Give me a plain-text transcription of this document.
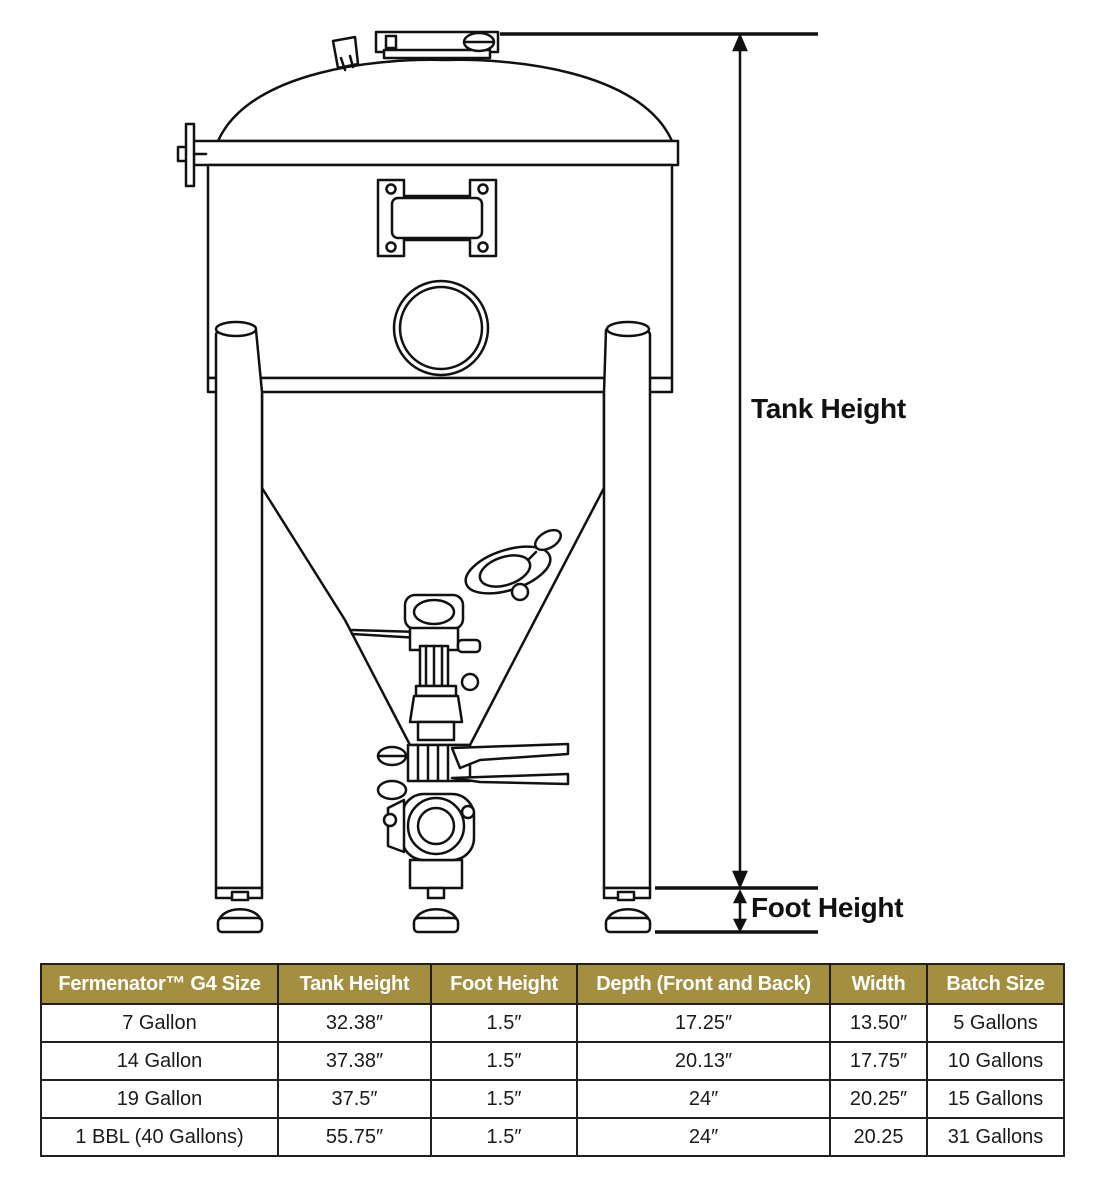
Tank Height
Foot Height
Fermenator™ G4 Size	Tank Height	Foot Height	Depth (Front and Back)	Width	Batch Size
7 Gallon	32.38″	1.5″	17.25″	13.50″	5 Gallons
14 Gallon	37.38″	1.5″	20.13″	17.75″	10 Gallons
19 Gallon	37.5″	1.5″	24″	20.25″	15 Gallons
1 BBL (40 Gallons)	55.75″	1.5″	24″	20.25	31 Gallons
